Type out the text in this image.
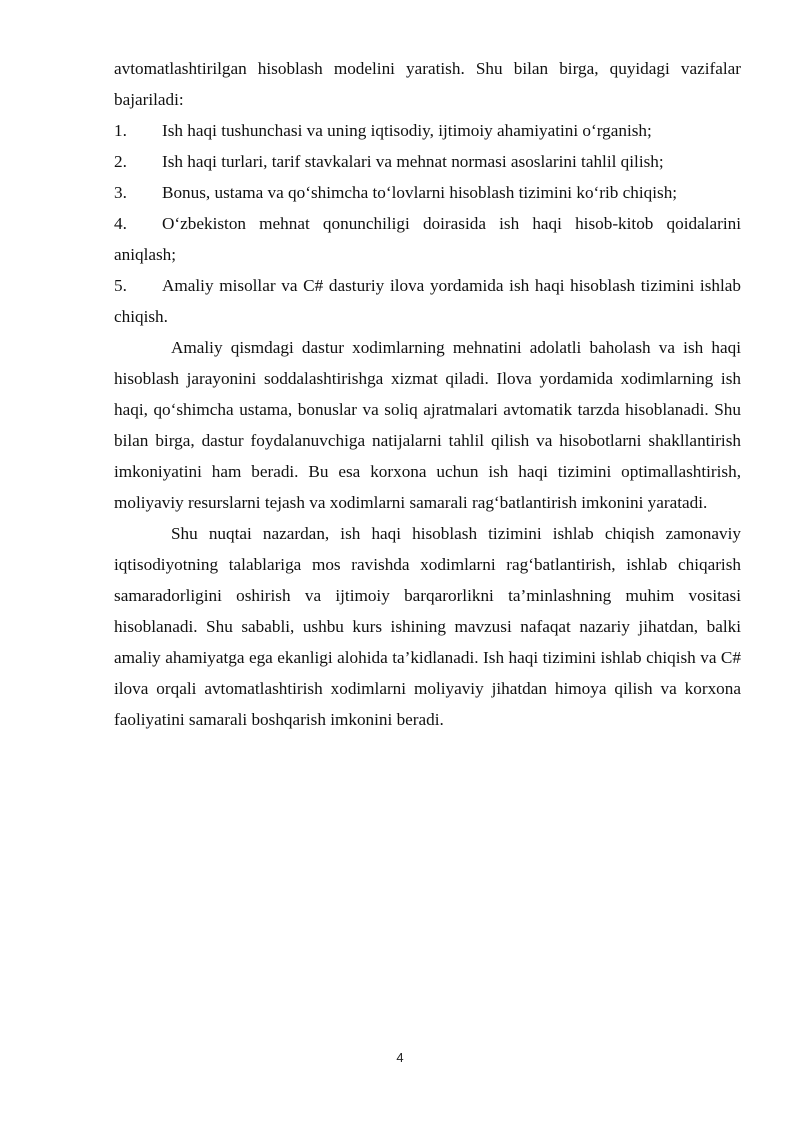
avtomatlashtirilgan hisoblash modelini yaratish. Shu bilan birga, quyidagi vazifalar bajariladi:

1. Ish haqi tushunchasi va uning iqtisodiy, ijtimoiy ahamiyatini o‘rganish;
2. Ish haqi turlari, tarif stavkalari va mehnat normasi asoslarini tahlil qilish;
3. Bonus, ustama va qo‘shimcha to‘lovlarni hisoblash tizimini ko‘rib chiqish;
4. O‘zbekiston mehnat qonunchiligi doirasida ish haqi hisob-kitob qoidalarini aniqlash;
5. Amaliy misollar va C# dasturiy ilova yordamida ish haqi hisoblash tizimini ishlab chiqish.

Amaliy qismdagi dastur xodimlarning mehnatini adolatli baholash va ish haqi hisoblash jarayonini soddalashtirishga xizmat qiladi. Ilova yordamida xodimlarning ish haqi, qo‘shimcha ustama, bonuslar va soliq ajratmalari avtomatik tarzda hisoblanadi. Shu bilan birga, dastur foydalanuvchiga natijalarni tahlil qilish va hisobotlarni shakllantirish imkoniyatini ham beradi. Bu esa korxona uchun ish haqi tizimini optimallashtirish, moliyaviy resurslarni tejash va xodimlarni samarali rag‘batlantirish imkonini yaratadi.

Shu nuqtai nazardan, ish haqi hisoblash tizimini ishlab chiqish zamonaviy iqtisodiyotning talablariga mos ravishda xodimlarni rag‘batlantirish, ishlab chiqarish samaradorligini oshirish va ijtimoiy barqarorlikni ta’minlashning muhim vositasi hisoblanadi. Shu sababli, ushbu kurs ishining mavzusi nafaqat nazariy jihatdan, balki amaliy ahamiyatga ega ekanligi alohida ta’kidlanadi. Ish haqi tizimini ishlab chiqish va C# ilova orqali avtomatlashtirish xodimlarni moliyaviy jihatdan himoya qilish va korxona faoliyatini samarali boshqarish imkonini beradi.

4
